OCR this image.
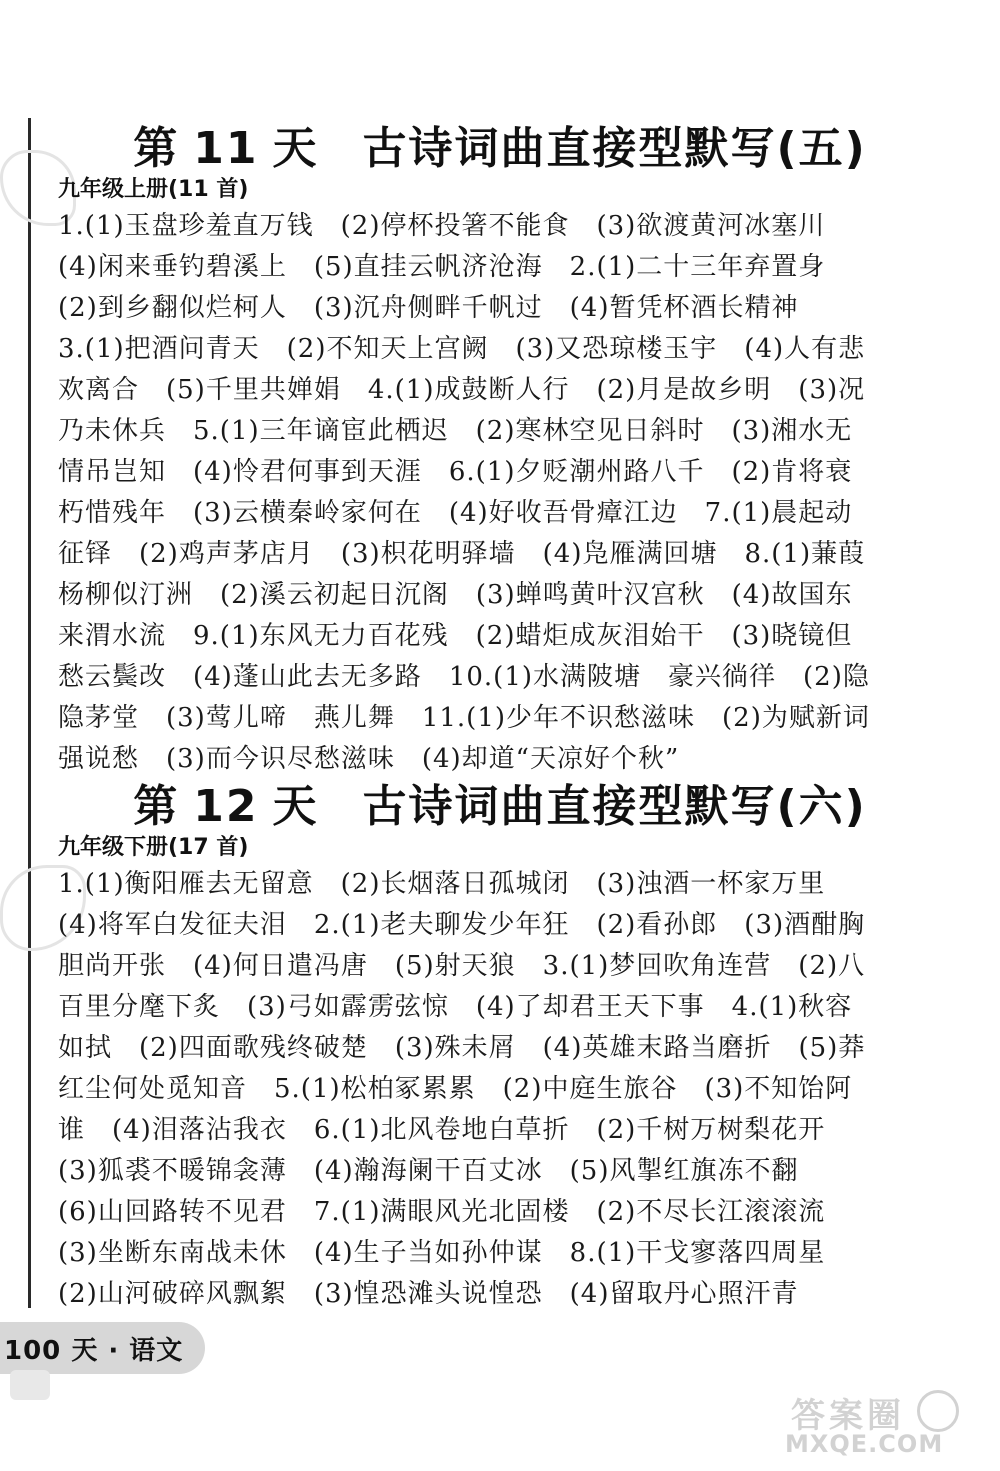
第 11 天 古诗词曲直接型默写(五)
九年级上册(11 首)
1.(1)玉盘珍羞直万钱　(2)停杯投箸不能食　(3)欲渡黄河冰塞川
(4)闲来垂钓碧溪上　(5)直挂云帆济沧海　2.(1)二十三年弃置身
(2)到乡翻似烂柯人　(3)沉舟侧畔千帆过　(4)暂凭杯酒长精神
3.(1)把酒问青天　(2)不知天上宫阙　(3)又恐琼楼玉宇　(4)人有悲
欢离合　(5)千里共婵娟　4.(1)成鼓断人行　(2)月是故乡明　(3)况
乃未休兵　5.(1)三年谪宦此栖迟　(2)寒林空见日斜时　(3)湘水无
情吊岂知　(4)怜君何事到天涯　6.(1)夕贬潮州路八千　(2)肯将衰
朽惜残年　(3)云横秦岭家何在　(4)好收吾骨瘴江边　7.(1)晨起动
征铎　(2)鸡声茅店月　(3)枳花明驿墙　(4)凫雁满回塘　8.(1)蒹葭
杨柳似汀洲　(2)溪云初起日沉阁　(3)蝉鸣黄叶汉宫秋　(4)故国东
来渭水流　9.(1)东风无力百花残　(2)蜡炬成灰泪始干　(3)晓镜但
愁云鬓改　(4)蓬山此去无多路　10.(1)水满陂塘　豪兴徜徉　(2)隐
隐茅堂　(3)莺儿啼　燕儿舞　11.(1)少年不识愁滋味　(2)为赋新词
强说愁　(3)而今识尽愁滋味　(4)却道“天凉好个秋”
第 12 天 古诗词曲直接型默写(六)
九年级下册(17 首)
1.(1)衡阳雁去无留意　(2)长烟落日孤城闭　(3)浊酒一杯家万里
(4)将军白发征夫泪　2.(1)老夫聊发少年狂　(2)看孙郎　(3)酒酣胸
胆尚开张　(4)何日遣冯唐　(5)射天狼　3.(1)梦回吹角连营　(2)八
百里分麾下炙　(3)弓如霹雳弦惊　(4)了却君王天下事　4.(1)秋容
如拭　(2)四面歌残终破楚　(3)殊未屑　(4)英雄末路当磨折　(5)莽
红尘何处觅知音　5.(1)松柏冢累累　(2)中庭生旅谷　(3)不知饴阿
谁　(4)泪落沾我衣　6.(1)北风卷地白草折　(2)千树万树梨花开
(3)狐裘不暖锦衾薄　(4)瀚海阑干百丈冰　(5)风掣红旗冻不翻
(6)山回路转不见君　7.(1)满眼风光北固楼　(2)不尽长江滚滚流
(3)坐断东南战未休　(4)生子当如孙仲谋　8.(1)干戈寥落四周星
(2)山河破碎风飘絮　(3)惶恐滩头说惶恐　(4)留取丹心照汗青
100 天 · 语文
答案圈
MXQE.COM
